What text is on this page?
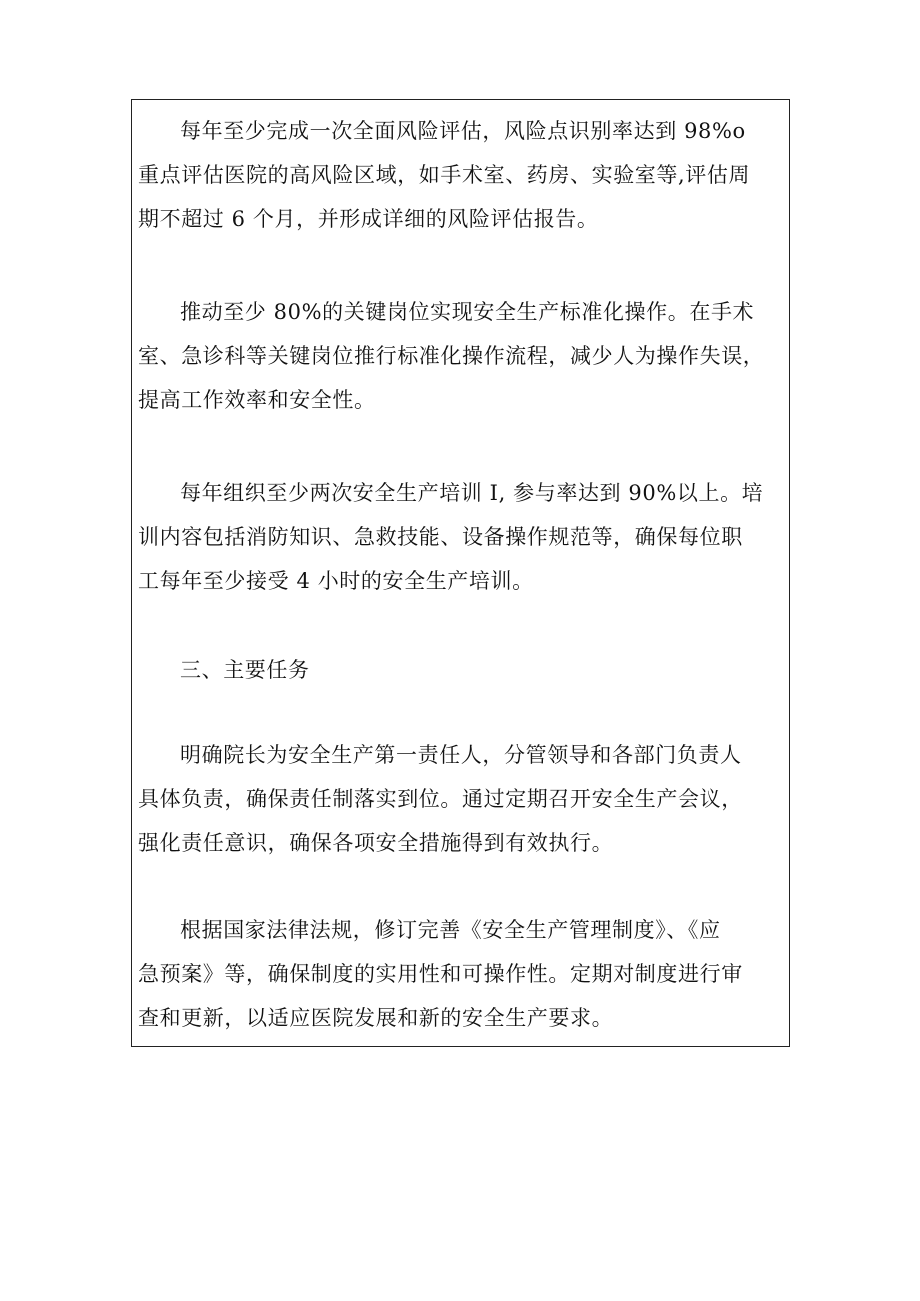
每年至少完成一次全面风险评估，风险点识别率达到 98%o
重点评估医院的高风险区域，如手术室、药房、实验室等,评估周
期不超过 6 个月，并形成详细的风险评估报告。
推动至少 80%的关键岗位实现安全生产标准化操作。在手术
室、急诊科等关键岗位推行标准化操作流程，减少人为操作失误，
提高工作效率和安全性。
每年组织至少两次安全生产培训 I, 参与率达到 90%以上。培
训内容包括消防知识、急救技能、设备操作规范等，确保每位职
工每年至少接受 4 小时的安全生产培训。
三、主要任务
明确院长为安全生产第一责任人，分管领导和各部门负责人
具体负责，确保责任制落实到位。通过定期召开安全生产会议，
强化责任意识，确保各项安全措施得到有效执行。
根据国家法律法规，修订完善《安全生产管理制度》、《应
急预案》等，确保制度的实用性和可操作性。定期对制度进行审
查和更新，以适应医院发展和新的安全生产要求。
